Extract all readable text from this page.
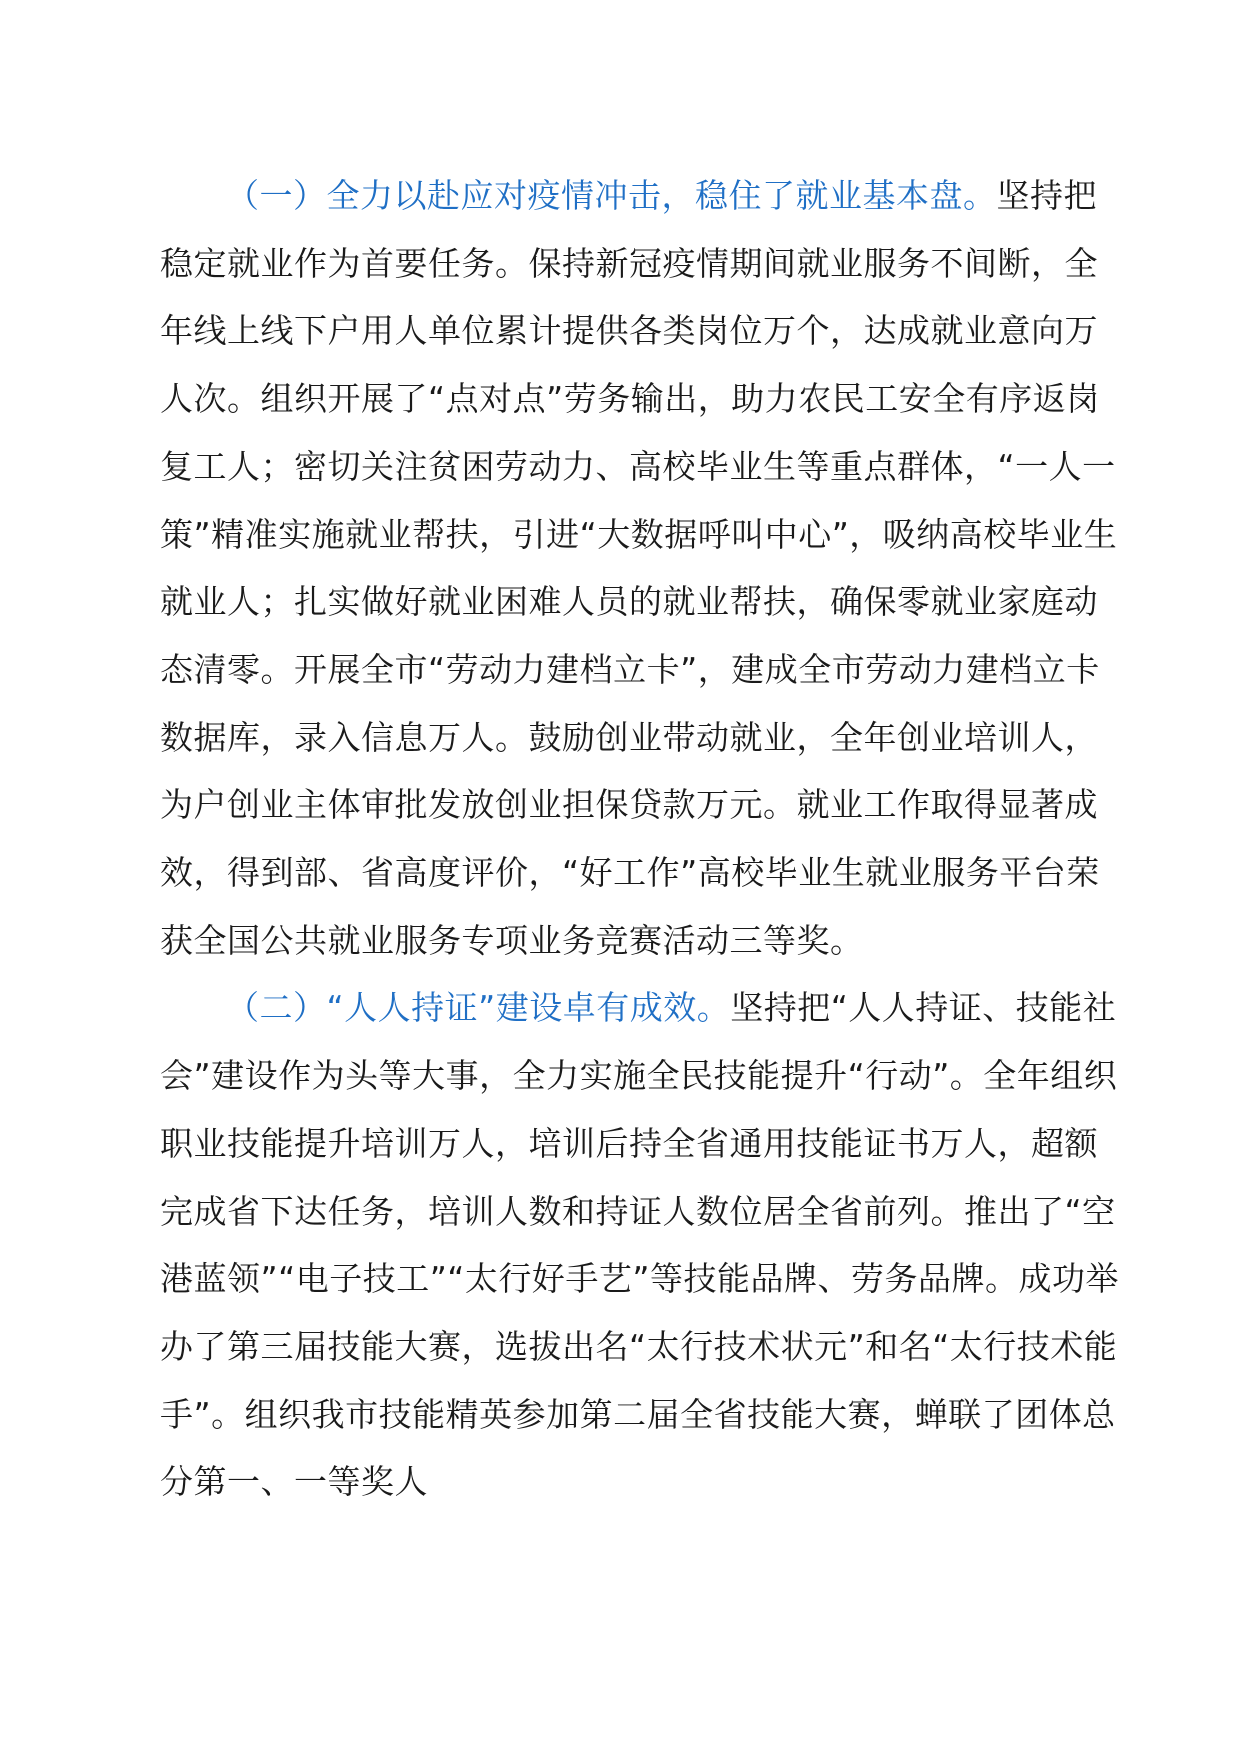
（一）全力以赴应对疫情冲击，稳住了就业基本盘。坚持把稳定就业作为首要任务。保持新冠疫情期间就业服务不间断，全年线上线下户用人单位累计提供各类岗位万个，达成就业意向万人次。组织开展了“点对点”劳务输出，助力农民工安全有序返岗复工人；密切关注贫困劳动力、高校毕业生等重点群体，“一人一策”精准实施就业帮扶，引进“大数据呼叫中心”，吸纳高校毕业生就业人；扎实做好就业困难人员的就业帮扶，确保零就业家庭动态清零。开展全市“劳动力建档立卡”，建成全市劳动力建档立卡数据库，录入信息万人。鼓励创业带动就业，全年创业培训人，为户创业主体审批发放创业担保贷款万元。就业工作取得显著成效，得到部、省高度评价，“好工作”高校毕业生就业服务平台荣获全国公共就业服务专项业务竞赛活动三等奖。

（二）“人人持证”建设卓有成效。坚持把“人人持证、技能社会”建设作为头等大事，全力实施全民技能提升“行动”。全年组织职业技能提升培训万人，培训后持全省通用技能证书万人，超额完成省下达任务，培训人数和持证人数位居全省前列。推出了“空港蓝领”“电子技工”“太行好手艺”等技能品牌、劳务品牌。成功举办了第三届技能大赛，选拔出名“太行技术状元”和名“太行技术能手”。组织我市技能精英参加第二届全省技能大赛，蝉联了团体总分第一、一等奖人
